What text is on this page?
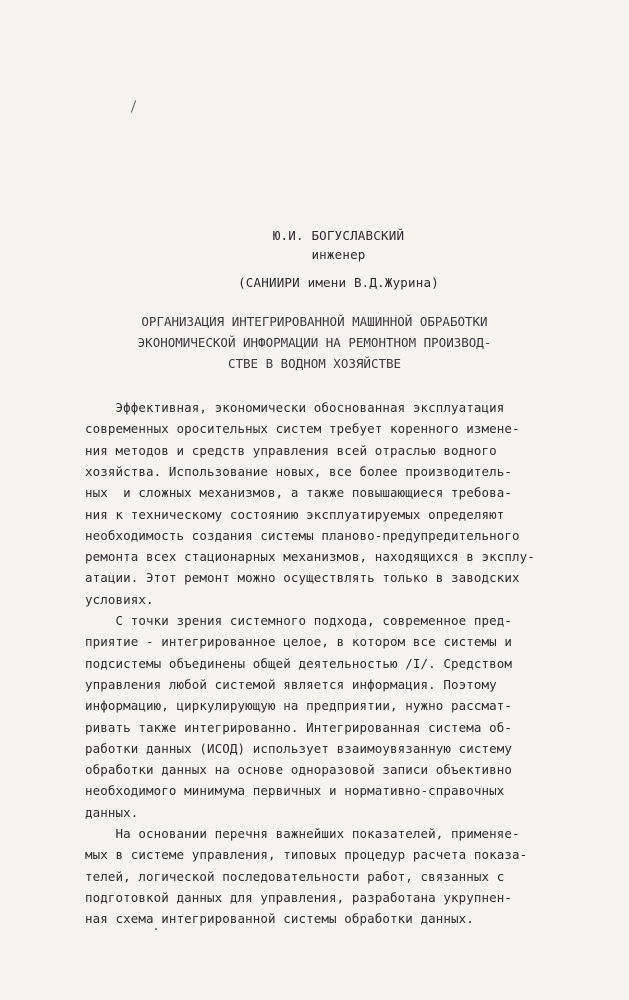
Ю.И. БОГУСЛАВСКИЙ
инженер
(САНИИРИ имени В.Д.Журина)
ОРГАНИЗАЦИЯ ИНТЕГРИРОВАННОЙ МАШИННОЙ ОБРАБОТКИ
ЭКОНОМИЧЕСКОЙ ИНФОРМАЦИИ НА РЕМОНТНОМ ПРОИЗВОД-
СТВЕ В ВОДНОМ ХОЗЯЙСТВЕ
Эффективная, экономически обоснованная эксплуатация
современных оросительных систем требует коренного измене-
ния методов и средств управления всей отраслью водного
хозяйства. Использование новых, все более производитель-
ных  и сложных механизмов, а также повышающиеся требова-
ния к техническому состоянию эксплуатируемых определяют
необходимость создания системы планово-предупредительного
ремонта всех стационарных механизмов, находящихся в эксплу-
атации. Этот ремонт можно осуществлять только в заводских
условиях.
С точки зрения системного подхода, современное пред-
приятие - интегрированное целое, в котором все системы и
подсистемы объединены общей деятельностью /I/. Средством
управления любой системой является информация. Поэтому
информацию, циркулирующую на предприятии, нужно рассмат-
ривать также интегрированно. Интегрированная система об-
работки данных (ИСОД) использует взаимоувязанную систему
обработки данных на основе одноразовой записи объективно
необходимого минимума первичных и нормативно-справочных
данных.
На основании перечня важнейших показателей, применяе-
мых в системе управления, типовых процедур расчета показа-
телей, логической последовательности работ, связанных с
подготовкой данных для управления, разработана укрупнен-
ная схема интегрированной системы обработки данных.
